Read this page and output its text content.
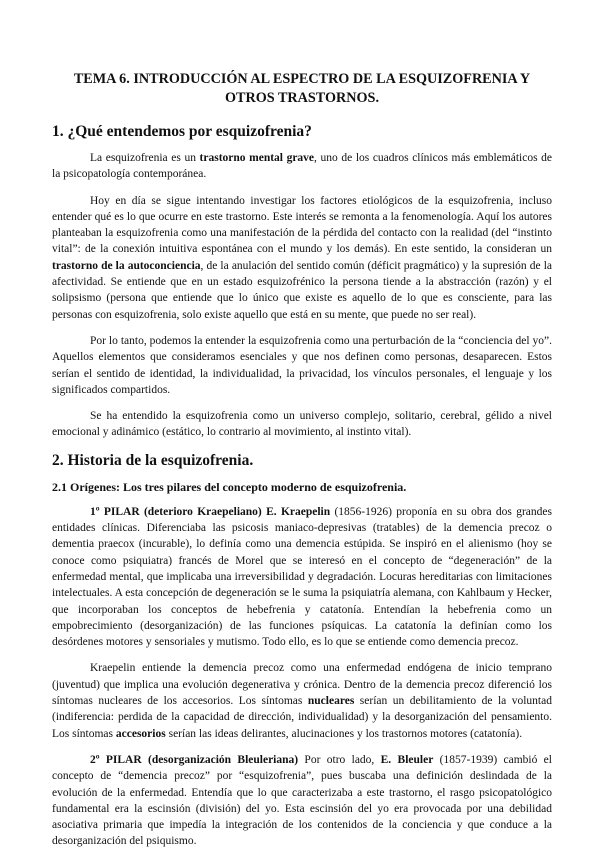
TEMA 6. INTRODUCCIÓN AL ESPECTRO DE LA ESQUIZOFRENIA Y
OTROS TRASTORNOS.
1. ¿Qué entendemos por esquizofrenia?

La esquizofrenia es un trastorno mental grave, uno de los cuadros clínicos más emblemáticos de la psicopatología contemporánea.

Hoy en día se sigue intentando investigar los factores etiológicos de la esquizofrenia, incluso entender qué es lo que ocurre en este trastorno. Este interés se remonta a la fenomenología. Aquí los autores planteaban la esquizofrenia como una manifestación de la pérdida del contacto con la realidad (del “instinto vital”: de la conexión intuitiva espontánea con el mundo y los demás). En este sentido, la consideran un trastorno de la autoconciencia, de la anulación del sentido común (déficit pragmático) y la supresión de la afectividad. Se entiende que en un estado esquizofrénico la persona tiende a la abstracción (razón) y el solipsismo (persona que entiende que lo único que existe es aquello de lo que es consciente, para las personas con esquizofrenia, solo existe aquello que está en su mente, que puede no ser real).

Por lo tanto, podemos la entender la esquizofrenia como una perturbación de la “conciencia del yo”. Aquellos elementos que consideramos esenciales y que nos definen como personas, desaparecen. Estos serían el sentido de identidad, la individualidad, la privacidad, los vínculos personales, el lenguaje y los significados compartidos.

Se ha entendido la esquizofrenia como un universo complejo, solitario, cerebral, gélido a nivel emocional y adinámico (estático, lo contrario al movimiento, al instinto vital).

2. Historia de la esquizofrenia.
2.1 Orígenes: Los tres pilares del concepto moderno de esquizofrenia.

1º PILAR (deterioro Kraepeliano) E. Kraepelin (1856-1926) proponía en su obra dos grandes entidades clínicas. Diferenciaba las psicosis maniaco-depresivas (tratables) de la demencia precoz o dementia praecox (incurable), lo definía como una demencia estúpida. Se inspiró en el alienismo (hoy se conoce como psiquiatra) francés de Morel que se interesó en el concepto de “degeneración” de la enfermedad mental, que implicaba una irreversibilidad y degradación. Locuras hereditarias con limitaciones intelectuales. A esta concepción de degeneración se le suma la psiquiatría alemana, con Kahlbaum y Hecker, que incorporaban los conceptos de hebefrenia y catatonía. Entendían la hebefrenia como un empobrecimiento (desorganización) de las funciones psíquicas. La catatonía la definían como los desórdenes motores y sensoriales y mutismo. Todo ello, es lo que se entiende como demencia precoz.

Kraepelin entiende la demencia precoz como una enfermedad endógena de inicio temprano (juventud) que implica una evolución degenerativa y crónica. Dentro de la demencia precoz diferenció los síntomas nucleares de los accesorios. Los síntomas nucleares serían un debilitamiento de la voluntad (indiferencia: perdida de la capacidad de dirección, individualidad) y la desorganización del pensamiento. Los síntomas accesorios serían las ideas delirantes, alucinaciones y los trastornos motores (catatonía).

2º PILAR (desorganización Bleuleriana) Por otro lado, E. Bleuler (1857-1939) cambió el concepto de “demencia precoz” por “esquizofrenia”, pues buscaba una definición deslindada de la evolución de la enfermedad. Entendía que lo que caracterizaba a este trastorno, el rasgo psicopatológico fundamental era la escinsión (división) del yo. Esta escinsión del yo era provocada por una debilidad asociativa primaria que impedía la integración de los contenidos de la conciencia y que conduce a la desorganización del psiquismo.
